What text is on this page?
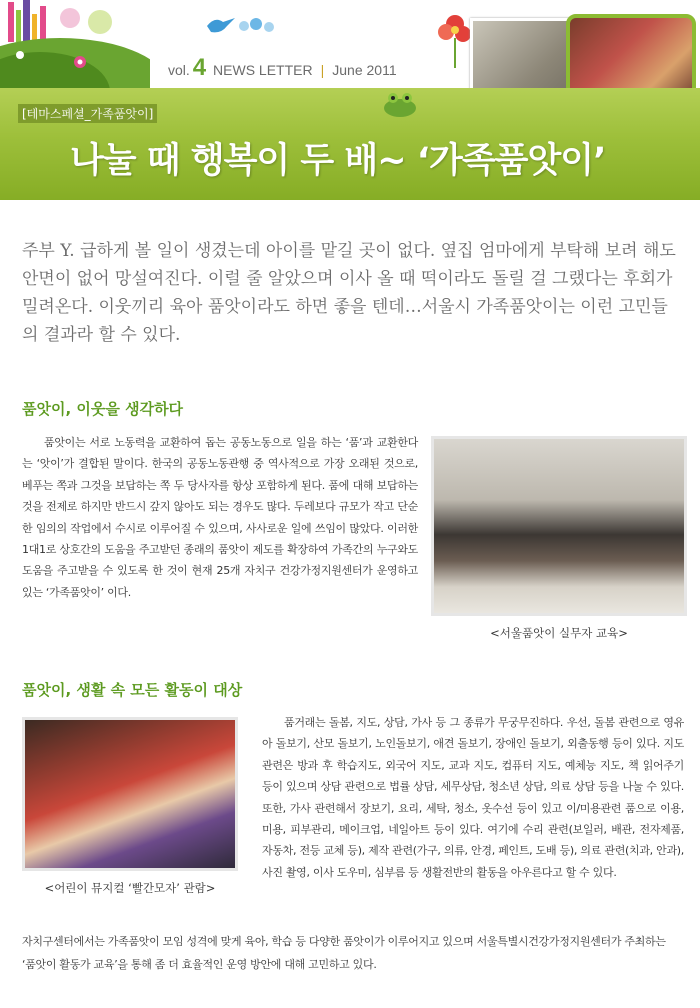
vol. 4 NEWS LETTER | June 2011
[테마스페셜_가족품앗이]
나눌 때 행복이 두 배~ ‘가족품앗이’
주부 Y. 급하게 볼 일이 생겼는데 아이를 맡길 곳이 없다. 옆집 엄마에게 부탁해 보려 해도 안면이 없어 망설여진다. 이럴 줄 알았으며 이사 올 때 떡이라도 돌릴 걸 그랬다는 후회가 밀려온다. 이웃끼리 육아 품앗이라도 하면 좋을 텐데…서울시 가족품앗이는 이런 고민들의 결과라 할 수 있다.
품앗이, 이웃을 생각하다
품앗이는 서로 노동력을 교환하여 돕는 공동노동으로 일을 하는 ‘품’과 교환한다는 ‘앗이’가 결합된 말이다. 한국의 공동노동관행 중 역사적으로 가장 오래된 것으로, 베푸는 쪽과 그것을 보답하는 쪽 두 당사자를 항상 포함하게 된다. 품에 대해 보답하는 것을 전제로 하지만 반드시 갚지 않아도 되는 경우도 많다. 두레보다 규모가 작고 단순한 임의의 작업에서 수시로 이루어질 수 있으며, 사사로운 일에 쓰임이 많았다. 이러한 1대1로 상호간의 도움을 주고받던 종래의 품앗이 제도를 확장하여 가족간의 누구와도 도움을 주고받을 수 있도록 한 것이 현재 25개 자치구 건강가정지원센터가 운영하고 있는 ‘가족품앗이’ 이다.
<서울품앗이 실무자 교육>
품앗이, 생활 속 모든 활동이 대상
<어린이 뮤지컬 ‘빨간모자’ 관람>
품거래는 돌봄, 지도, 상담, 가사 등 그 종류가 무궁무진하다. 우선, 돌봄 관련으로 영유아 돌보기, 산모 돌보기, 노인돌보기, 애견 돌보기, 장애인 돌보기, 외출동행 등이 있다. 지도 관련은 방과 후 학습지도, 외국어 지도, 교과 지도, 컴퓨터 지도, 예체능 지도, 책 읽어주기 등이 있으며 상담 관련으로 법률 상담, 세무상담, 청소년 상담, 의료 상담 등을 나눌 수 있다. 또한, 가사 관련해서 장보기, 요리, 세탁, 청소, 옷수선 등이 있고 이/미용관련 품으로 이용, 미용, 피부관리, 메이크업, 네일아트 등이 있다. 여기에 수리 관련(보일러, 배관, 전자제품, 자동차, 전등 교체 등), 제작 관련(가구, 의류, 안경, 페인트, 도배 등), 의료 관련(치과, 안과), 사진 촬영, 이사 도우미, 심부름 등 생활전반의 활동을 아우른다고 할 수 있다.
자치구센터에서는 가족품앗이 모임 성격에 맞게 육아, 학습 등 다양한 품앗이가 이루어지고 있으며 서울특별시건강가정지원센터가 주최하는 ‘품앗이 활동가 교육’을 통해 좀 더 효율적인 운영 방안에 대해 고민하고 있다.
